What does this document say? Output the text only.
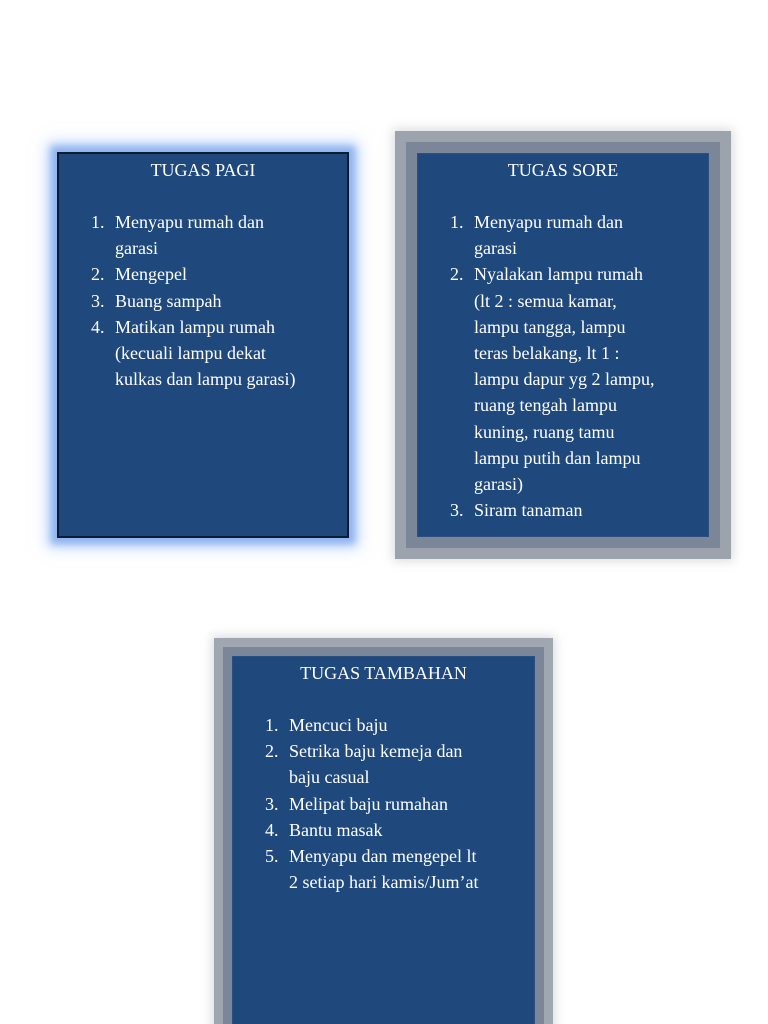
TUGAS PAGI
1. Menyapu rumah dan
garasi
2. Mengepel
3. Buang sampah
4. Matikan lampu rumah
(kecuali lampu dekat
kulkas dan lampu garasi)
TUGAS SORE
1. Menyapu rumah dan
garasi
2. Nyalakan lampu rumah
(lt 2 : semua kamar,
lampu tangga, lampu
teras belakang, lt 1 :
lampu dapur yg 2 lampu,
ruang tengah lampu
kuning, ruang tamu
lampu putih dan lampu
garasi)
3. Siram tanaman
TUGAS TAMBAHAN
1. Mencuci baju
2. Setrika baju kemeja dan
baju casual
3. Melipat baju rumahan
4. Bantu masak
5. Menyapu dan mengepel lt
2 setiap hari kamis/Jum’at
